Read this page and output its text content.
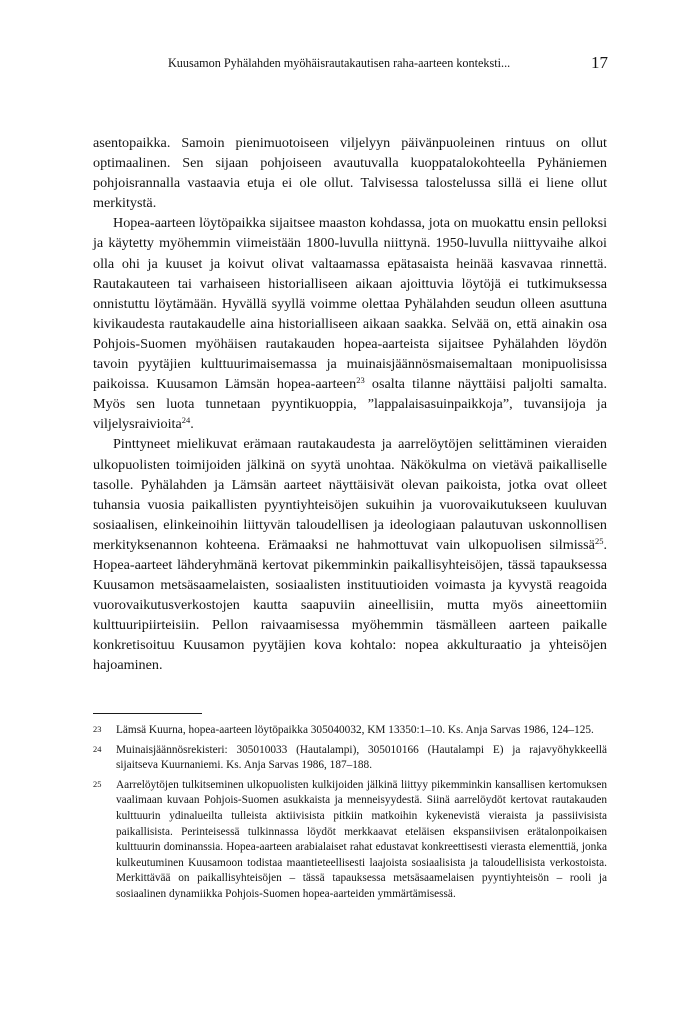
Kuusamon Pyhälahden myöhäisrautakautisen raha-aarteen konteksti...	17

asentopaikka. Samoin pienimuotoiseen viljelyyn päivänpuoleinen rintuus on ollut optimaalinen. Sen sijaan pohjoiseen avautuvalla kuoppatalokohteella Pyhäniemen pohjoisrannalla vastaavia etuja ei ole ollut. Talvisessa talostelussa sillä ei liene ollut merkitystä.

Hopea-aarteen löytöpaikka sijaitsee maaston kohdassa, jota on muokattu ensin pelloksi ja käytetty myöhemmin viimeistään 1800-luvulla niittynä. 1950-luvulla niittyvaihe alkoi olla ohi ja kuuset ja koivut olivat valtaamassa epätasaista heinää kasvavaa rinnettä. Rautakauteen tai varhaiseen historialliseen aikaan ajoittuvia löytöjä ei tutkimuksessa onnistuttu löytämään. Hyvällä syyllä voimme olettaa Pyhälahden seudun olleen asuttuna kivikaudesta rautakaudelle aina historialliseen aikaan saakka. Selvää on, että ainakin osa Pohjois-Suomen myöhäisen rautakauden hopea-aarteista sijaitsee Pyhälahden löydön tavoin pyytäjien kulttuurimaisemassa ja muinaisjäännösmaisemaltaan monipuolisissa paikoissa. Kuusamon Lämsän hopea-aarteen$^{23}$ osalta tilanne näyttäisi paljolti samalta. Myös sen luota tunnetaan pyyntikuoppia, ”lappalaisasuinpaikkoja”, tuvansijoja ja viljelysraivioita$^{24}$.

Pinttyneet mielikuvat erämaan rautakaudesta ja aarrelöytöjen selittäminen vieraiden ulkopuolisten toimijoiden jälkinä on syytä unohtaa. Näkökulma on vietävä paikalliselle tasolle. Pyhälahden ja Lämsän aarteet näyttäisivät olevan paikoista, jotka ovat olleet tuhansia vuosia paikallisten pyyntiyhteisöjen sukuihin ja vuorovaikutukseen kuuluvan sosiaalisen, elinkeinoihin liittyvän taloudellisen ja ideologiaan palautuvan uskonnollisen merkityksenannon kohteena. Erämaaksi ne hahmottuvat vain ulkopuolisen silmissä$^{25}$. Hopea-aarteet lähderyhmänä kertovat pikemminkin paikallisyhteisöjen, tässä tapauksessa Kuusamon metsäsaamelaisten, sosiaalisten instituutioiden voimasta ja kyvystä reagoida vuorovaikutusverkostojen kautta saapuviin aineellisiin, mutta myös aineettomiin kulttuuripiirteisiin. Pellon raivaamisessa myöhemmin täsmälleen aarteen paikalle konkretisoituu Kuusamon pyytäjien kova kohtalo: nopea akkulturaatio ja yhteisöjen hajoaminen.

23 Lämsä Kuurna, hopea-aarteen löytöpaikka 305040032, KM 13350:1–10. Ks. Anja Sarvas 1986, 124–125.
24 Muinaisjäännösrekisteri: 305010033 (Hautalampi), 305010166 (Hautalampi E) ja rajavyöhykkeellä sijaitseva Kuurnaniemi. Ks. Anja Sarvas 1986, 187–188.
25 Aarrelöytöjen tulkitseminen ulkopuolisten kulkijoiden jälkinä liittyy pikemminkin kansallisen kertomuksen vaalimaan kuvaan Pohjois-Suomen asukkaista ja menneisyydestä. Siinä aarrelöydöt kertovat rautakauden kulttuurin ydinalueilta tulleista aktiivisista pitkiin matkoihin kykenevistä vieraista ja passiivisista paikallisista. Perinteisessä tulkinnassa löydöt merkkaavat eteläisen ekspansiivisen erätalonpoikaisen kulttuurin dominanssia. Hopea-aarteen arabialaiset rahat edustavat konkreettisesti vierasta elementtiä, jonka kulkeutuminen Kuusamoon todistaa maantieteellisesti laajoista sosiaalisista ja taloudellisista verkostoista. Merkittävää on paikallisyhteisöjen – tässä tapauksessa metsäsaamelaisen pyyntiyhteisön – rooli ja sosiaalinen dynamiikka Pohjois-Suomen hopea-aarteiden ymmärtämisessä.
